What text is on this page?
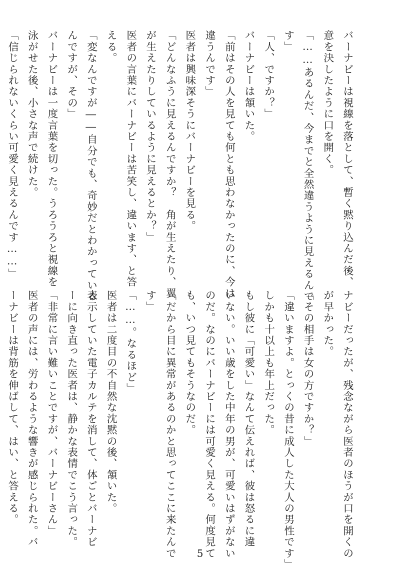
バーナビーは視線を落として、暫く黙り込んだ後、
意を決したように口を開く。
「……あるんだ、今までと全然違うように見えるんで
す」
「人、ですか？」
バーナビーは頷いた。
「前はその人を見ても何とも思わなかったのに、今は
違うんです」
医者は興味深そうにバーナビーを見る。
「どんなふうに見えるんですか？　角が生えたり、翼
が生えたりしているように見えるとか？」
医者の言葉にバーナビーは苦笑し、違います、と答
える。
「変なんですが――自分でも、奇妙だとわかっている
んですが、その」
バーナビーは一度言葉を切った。うろうろと視線を
泳がせた後、小さな声で続けた。
「信じられないくらい可愛く見えるんです……」
ナビーだったが、残念ながら医者のほうが口を開くの
が早かった。
「その相手は女の方ですか？」
「違いますよ。とっくの昔に成人した大人の男性です」
しかも十以上も年上だった。
もし彼に「可愛い」なんて伝えれば、彼は怒るに違
いない。いい歳をした中年の男が、可愛いはずがない
のだ。なのにバーナビーには可愛く見える。何度見て
も、いつ見てもそうなのだ。
「だから目に異常があるのかと思ってここに来たんで
す」
「……。なるほど」
医者は二度目の不自然な沈黙の後、頷いた。
表示していた電子カルテを消して、体ごとバーナビ
ーに向き直った医者は、静かな表情でこう言った。
「非常に言い難いことですが、バーナビーさん」
医者の声には、労わるような響きが感じられた。バ
ーナビーは背筋を伸ばして、はい、と答える。
5
